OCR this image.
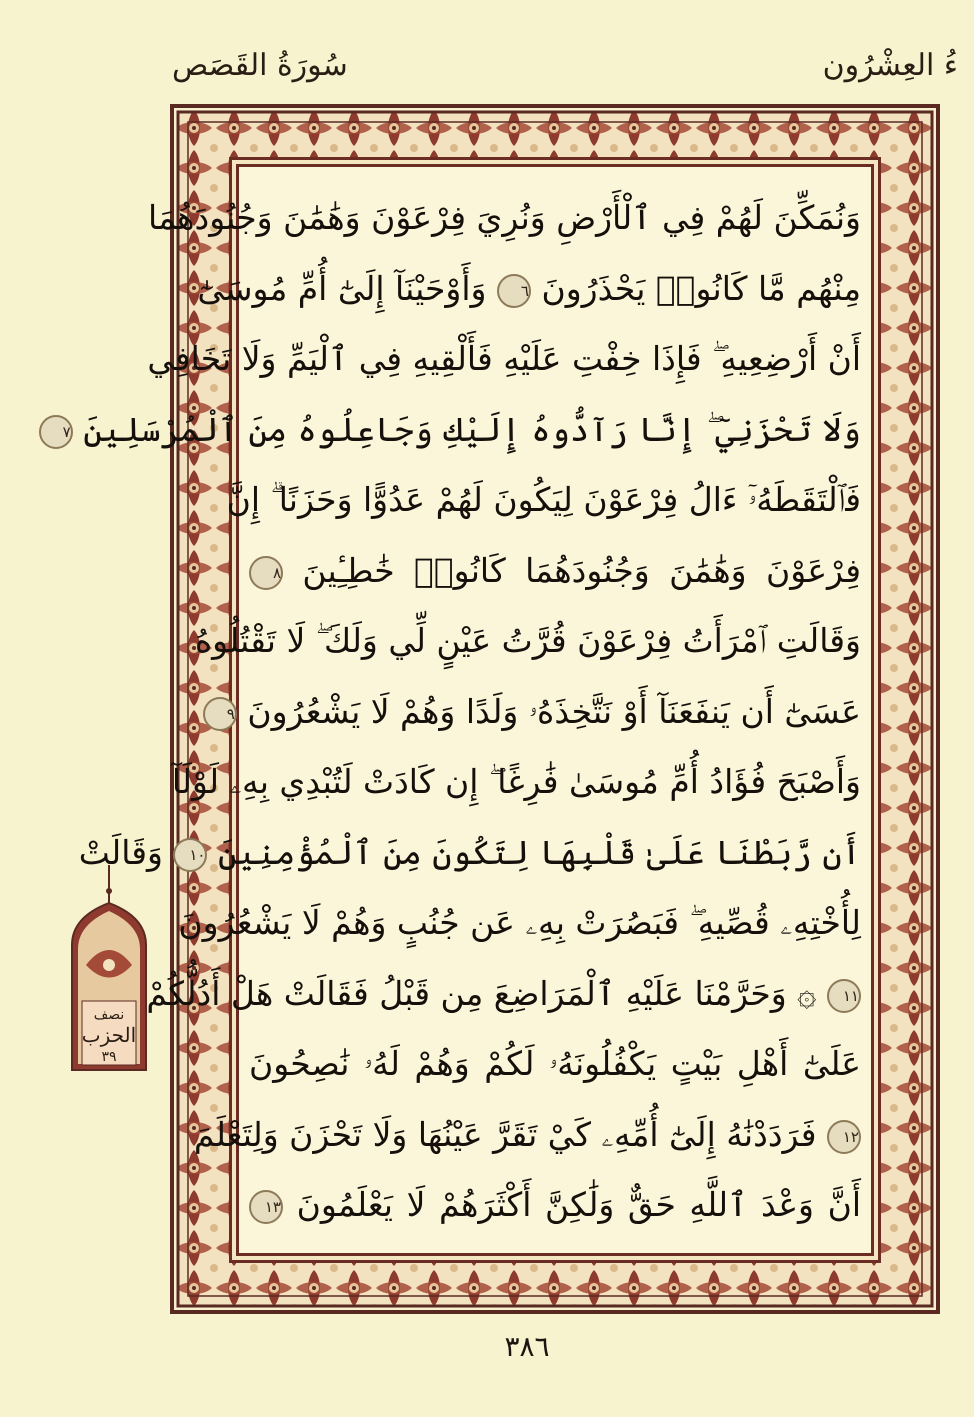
سُورَةُ القَصَص	ءُ العِشْرُون
وَنُمَكِّنَ لَهُمْ فِي ٱلْأَرْضِ وَنُرِيَ فِرْعَوْنَ وَهَٰمَٰنَ وَجُنُودَهُمَا
مِنْهُم مَّا كَانُوا۟ يَحْذَرُونَ ٦ وَأَوْحَيْنَآ إِلَىٰٓ أُمِّ مُوسَىٰٓ
أَنْ أَرْضِعِيهِ ۖ فَإِذَا خِفْتِ عَلَيْهِ فَأَلْقِيهِ فِي ٱلْيَمِّ وَلَا تَخَافِي
وَلَا تَحْزَنِيٓ ۖ إِنَّا رَآدُّوهُ إِلَيْكِ وَجَاعِلُوهُ مِنَ ٱلْمُرْسَلِينَ ٧
فَٱلْتَقَطَهُۥٓ ءَالُ فِرْعَوْنَ لِيَكُونَ لَهُمْ عَدُوًّا وَحَزَنًا ۗ إِنَّ
فِرْعَوْنَ وَهَٰمَٰنَ وَجُنُودَهُمَا كَانُوا۟ خَٰطِـِٔينَ ٨
وَقَالَتِ ٱمْرَأَتُ فِرْعَوْنَ قُرَّتُ عَيْنٍ لِّي وَلَكَ ۖ لَا تَقْتُلُوهُ
عَسَىٰٓ أَن يَنفَعَنَآ أَوْ نَتَّخِذَهُۥ وَلَدًا وَهُمْ لَا يَشْعُرُونَ ٩
وَأَصْبَحَ فُؤَادُ أُمِّ مُوسَىٰ فَٰرِغًا ۖ إِن كَادَتْ لَتُبْدِي بِهِۦ لَوْلَآ
أَن رَّبَطْنَا عَلَىٰ قَلْبِهَا لِتَكُونَ مِنَ ٱلْمُؤْمِنِينَ ١٠ وَقَالَتْ
لِأُخْتِهِۦ قُصِّيهِ ۖ فَبَصُرَتْ بِهِۦ عَن جُنُبٍ وَهُمْ لَا يَشْعُرُونَ
١١ ۞ وَحَرَّمْنَا عَلَيْهِ ٱلْمَرَاضِعَ مِن قَبْلُ فَقَالَتْ هَلْ أَدُلُّكُمْ
عَلَىٰٓ أَهْلِ بَيْتٍ يَكْفُلُونَهُۥ لَكُمْ وَهُمْ لَهُۥ نَٰصِحُونَ
١٢ فَرَدَدْنَٰهُ إِلَىٰٓ أُمِّهِۦ كَيْ تَقَرَّ عَيْنُهَا وَلَا تَحْزَنَ وَلِتَعْلَمَ
أَنَّ وَعْدَ ٱللَّهِ حَقٌّ وَلَٰكِنَّ أَكْثَرَهُمْ لَا يَعْلَمُونَ ١٣
نصف
الحزب
٣٩
٣٨٦
